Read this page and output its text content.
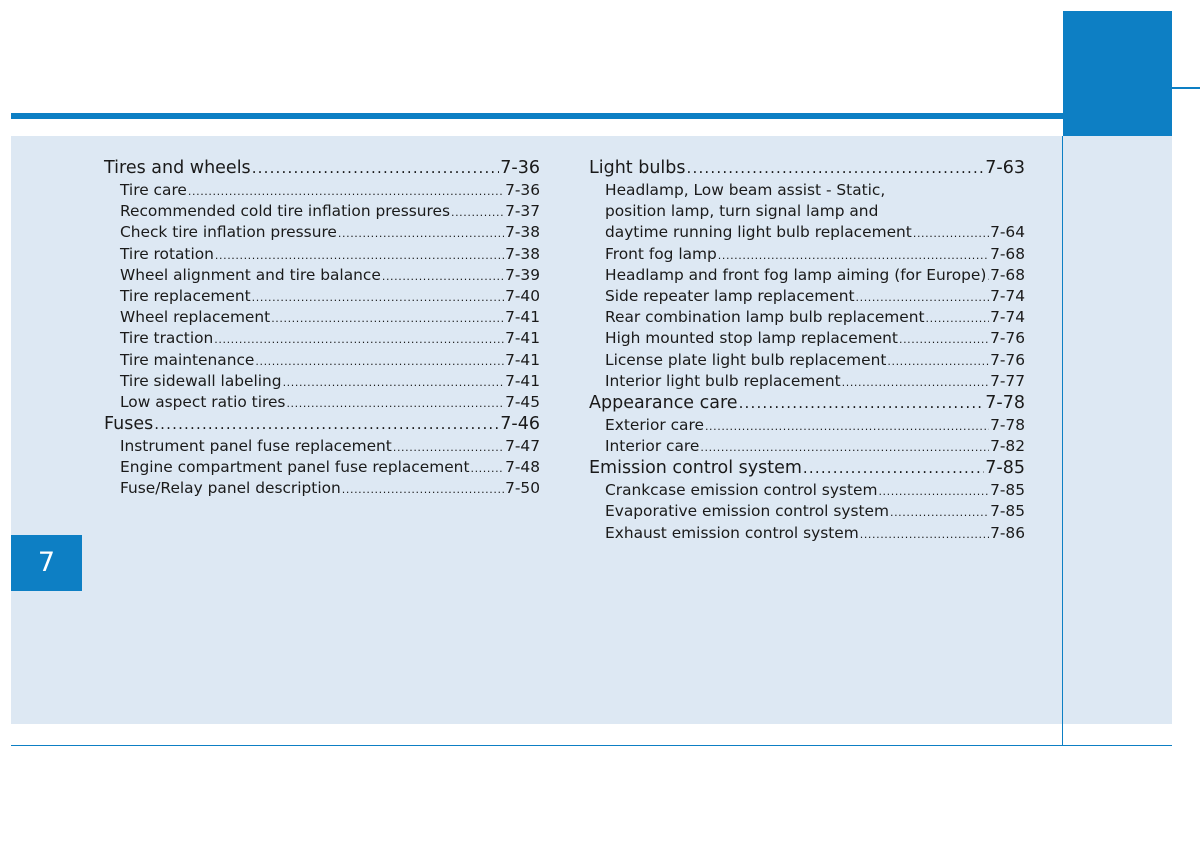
7
Tires and wheels .....	7-36
Tire care .....	7-36
Recommended cold tire inflation pressures .....	7-37
Check tire inflation pressure .....	7-38
Tire rotation .....	7-38
Wheel alignment and tire balance .....	7-39
Tire replacement .....	7-40
Wheel replacement .....	7-41
Tire traction .....	7-41
Tire maintenance .....	7-41
Tire sidewall labeling .....	7-41
Low aspect ratio tires .....	7-45
Fuses .....	7-46
Instrument panel fuse replacement .....	7-47
Engine compartment panel fuse replacement ..... 7-48
Fuse/Relay panel description .....	7-50
Light bulbs .....	7-63
Headlamp, Low beam assist - Static,
position lamp, turn signal lamp and
daytime running light bulb replacement .....	7-64
Front fog lamp .....	7-68
Headlamp and front fog lamp aiming (for Europe) ..... 7-68
Side repeater lamp replacement .....	7-74
Rear combination lamp bulb replacement .....	7-74
High mounted stop lamp replacement .....	7-76
License plate light bulb replacement .....	7-76
Interior light bulb replacement .....	7-77
Appearance care .....	7-78
Exterior care .....	7-78
Interior care .....	7-82
Emission control system .....	7-85
Crankcase emission control system .....	7-85
Evaporative emission control system .....	7-85
Exhaust emission control system .....	7-86
